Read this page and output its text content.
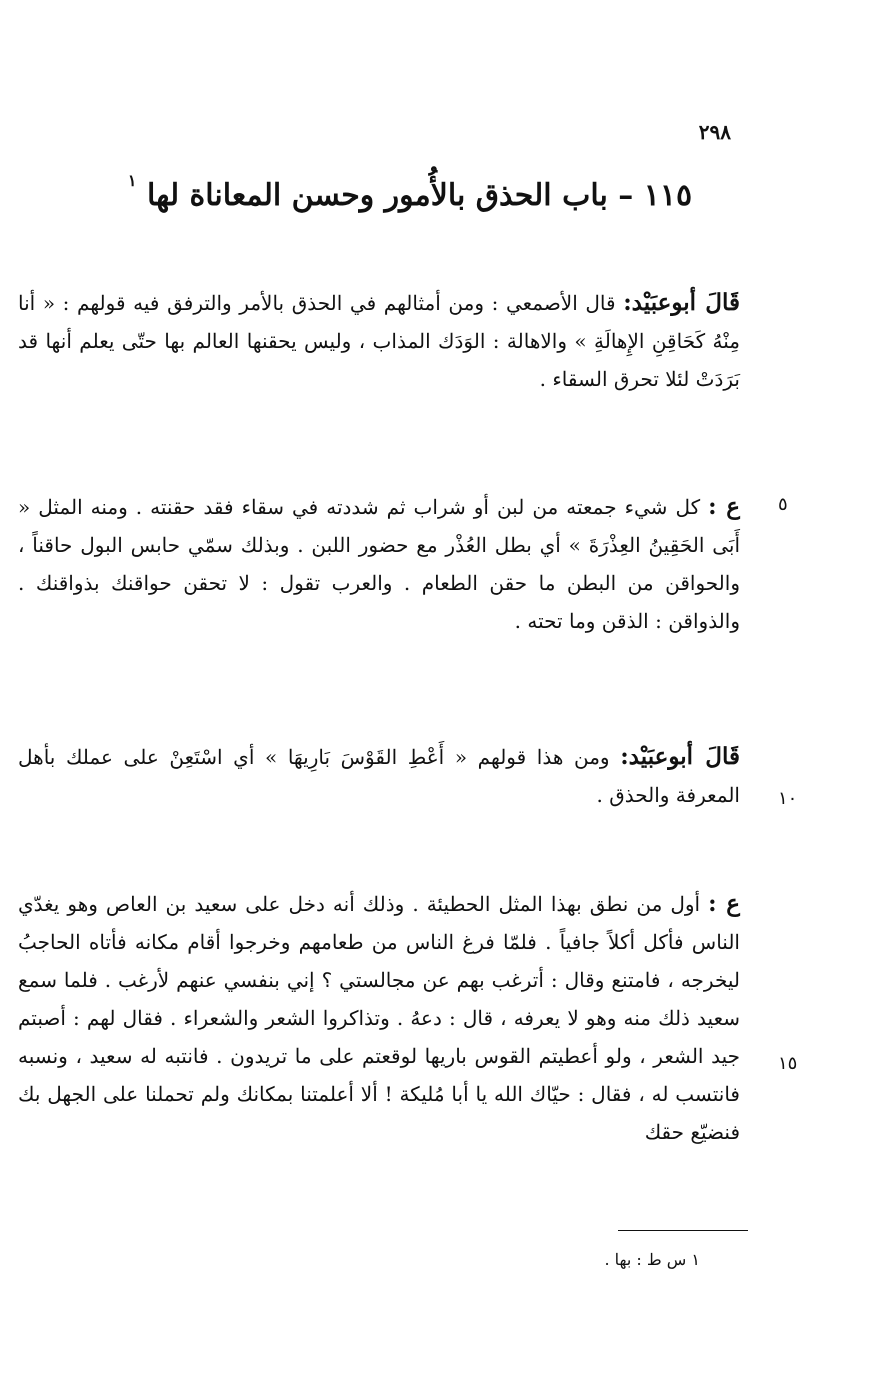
٢٩٨
١١٥ – باب الحذق بالأُمور وحسن المعاناة لها $^١$
قَالَ أبوعبَيْد: قال الأصمعي : ومن أمثالهم في الحذق بالأمر والترفق فيه قولهم : « أنا مِنْهُ كَحَاقِنِ الإِهالَةِ » والاهالة : الوَدَك المذاب ، وليس يحقنها العالم بها حتّى يعلم أنها قد بَرَدَتْ لئلا تحرق السقاء .
ع : كل شيء جمعته من لبن أو شراب ثم شددته في سقاء فقد حقنته . ومنه المثل « أَبَى الحَقِينُ العِذْرَةَ » أي بطل العُذْر مع حضور اللبن . وبذلك سمّي حابس البول حاقناً ، والحواقن من البطن ما حقن الطعام . والعرب تقول : لا تحقن حواقنك بذواقنك . والذواقن : الذقن وما تحته .
٥
قَالَ أبوعبَيْد: ومن هذا قولهم « أَعْطِ القَوْسَ بَارِيهَا » أي اسْتَعِنْ على عملك بأهل المعرفة والحذق . ١٠
ع : أول من نطق بهذا المثل الحطيئة . وذلك أنه دخل على سعيد بن العاص وهو يغدّي الناس فأكل أكلاً جافياً . فلمّا فرغ الناس من طعامهم وخرجوا أقام مكانه فأتاه الحاجبُ ليخرجه ، فامتنع وقال : أترغب بهم عن مجالستي ؟ إني بنفسي عنهم لأرغب . فلما سمع سعيد ذلك منه وهو لا يعرفه ، قال : دعهُ . وتذاكروا الشعر والشعراء . فقال لهم : أصبتم جيد الشعر ، ولو أعطيتم القوس باريها لوقعتم على ما تريدون . فانتبه له سعيد ، ونسبه فانتسب له ، فقال : حيّاك الله يا أبا مُليكة ! ألا أعلمتنا بمكانك ولم تحملنا على الجهل بك فنضيّع حقك
١٥
١ س ط : بها .
